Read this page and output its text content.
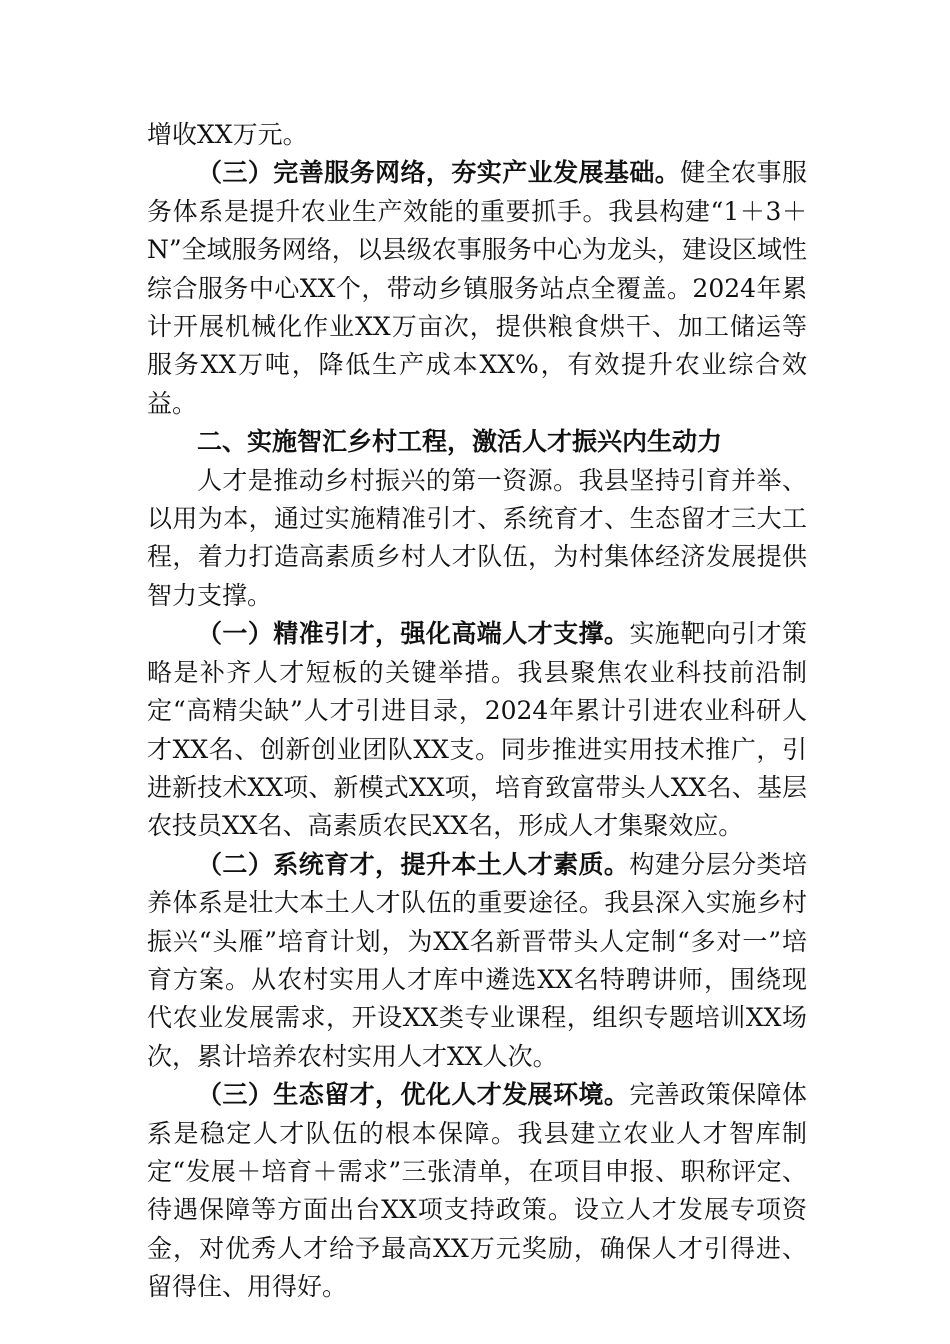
增收XX万元。

（三）完善服务网络，夯实产业发展基础。健全农事服务体系是提升农业生产效能的重要抓手。我县构建“1＋3＋N”全域服务网络，以县级农事服务中心为龙头，建设区域性综合服务中心XX个，带动乡镇服务站点全覆盖。2024年累计开展机械化作业XX万亩次，提供粮食烘干、加工储运等服务XX万吨，降低生产成本XX%，有效提升农业综合效益。

二、实施智汇乡村工程，激活人才振兴内生动力

人才是推动乡村振兴的第一资源。我县坚持引育并举、以用为本，通过实施精准引才、系统育才、生态留才三大工程，着力打造高素质乡村人才队伍，为村集体经济发展提供智力支撑。

（一）精准引才，强化高端人才支撑。实施靶向引才策略是补齐人才短板的关键举措。我县聚焦农业科技前沿制定“高精尖缺”人才引进目录，2024年累计引进农业科研人才XX名、创新创业团队XX支。同步推进实用技术推广，引进新技术XX项、新模式XX项，培育致富带头人XX名、基层农技员XX名、高素质农民XX名，形成人才集聚效应。

（二）系统育才，提升本土人才素质。构建分层分类培养体系是壮大本土人才队伍的重要途径。我县深入实施乡村振兴“头雁”培育计划，为XX名新晋带头人定制“多对一”培育方案。从农村实用人才库中遴选XX名特聘讲师，围绕现代农业发展需求，开设XX类专业课程，组织专题培训XX场次，累计培养农村实用人才XX人次。

（三）生态留才，优化人才发展环境。完善政策保障体系是稳定人才队伍的根本保障。我县建立农业人才智库制定“发展＋培育＋需求”三张清单，在项目申报、职称评定、待遇保障等方面出台XX项支持政策。设立人才发展专项资金，对优秀人才给予最高XX万元奖励，确保人才引得进、留得住、用得好。
